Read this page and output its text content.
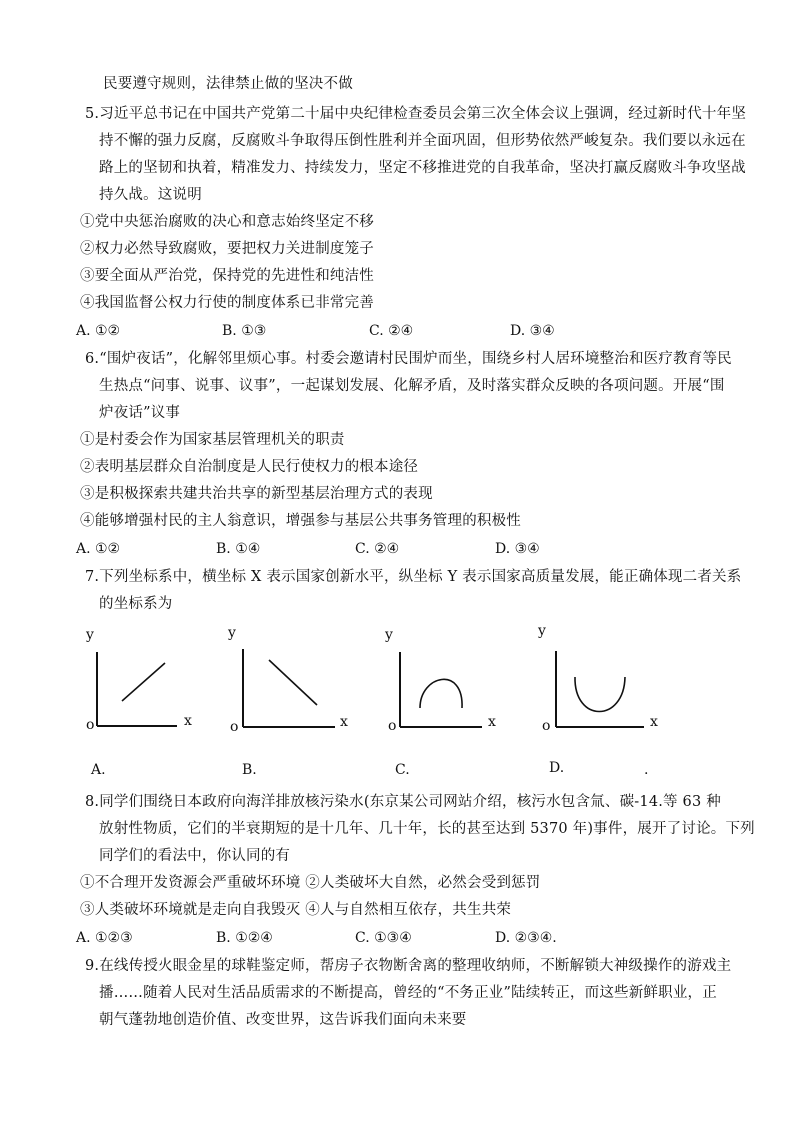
民要遵守规则，法律禁止做的坚决不做
5.习近平总书记在中国共产党第二十届中央纪律检查委员会第三次全体会议上强调，经过新时代十年坚
持不懈的强力反腐，反腐败斗争取得压倒性胜利并全面巩固，但形势依然严峻复杂。我们要以永远在
路上的坚韧和执着，精准发力、持续发力，坚定不移推进党的自我革命，坚决打赢反腐败斗争攻坚战
持久战。这说明
①党中央惩治腐败的决心和意志始终坚定不移
②权力必然导致腐败，要把权力关进制度笼子
③要全面从严治党，保持党的先进性和纯洁性
④我国监督公权力行使的制度体系已非常完善
A. ①②	B. ①③	C. ②④	D. ③④
6.“围炉夜话”，化解邻里烦心事。村委会邀请村民围炉而坐，围绕乡村人居环境整治和医疗教育等民
生热点“问事、说事、议事”，一起谋划发展、化解矛盾，及时落实群众反映的各项问题。开展“围
炉夜话”议事
①是村委会作为国家基层管理机关的职责
②表明基层群众自治制度是人民行使权力的根本途径
③是积极探索共建共治共享的新型基层治理方式的表现
④能够增强村民的主人翁意识，增强参与基层公共事务管理的积极性
A. ①②	B. ①④	C. ②④	D. ③④
7.下列坐标系中，横坐标 X 表示国家创新水平，纵坐标 Y 表示国家高质量发展，能正确体现二者关系
的坐标系为
y
x
o
y
x
o
y
x
o
y
x
o
A.	B.	C.	D.	.
8.同学们围绕日本政府向海洋排放核污染水(东京某公司网站介绍，核污水包含氚、碳-14.等 63 种
放射性物质，它们的半衰期短的是十几年、几十年，长的甚至达到 5370 年)事件，展开了讨论。下列
同学们的看法中，你认同的有
①不合理开发资源会严重破坏环境 ②人类破坏大自然，必然会受到惩罚
③人类破坏环境就是走向自我毁灭 ④人与自然相互依存，共生共荣
A. ①②③	B. ①②④	C. ①③④	D. ②③④.
9.在线传授火眼金星的球鞋鉴定师，帮房子衣物断舍离的整理收纳师，不断解锁大神级操作的游戏主
播……随着人民对生活品质需求的不断提高，曾经的“不务正业”陆续转正，而这些新鲜职业，正
朝气蓬勃地创造价值、改变世界，这告诉我们面向未来要
